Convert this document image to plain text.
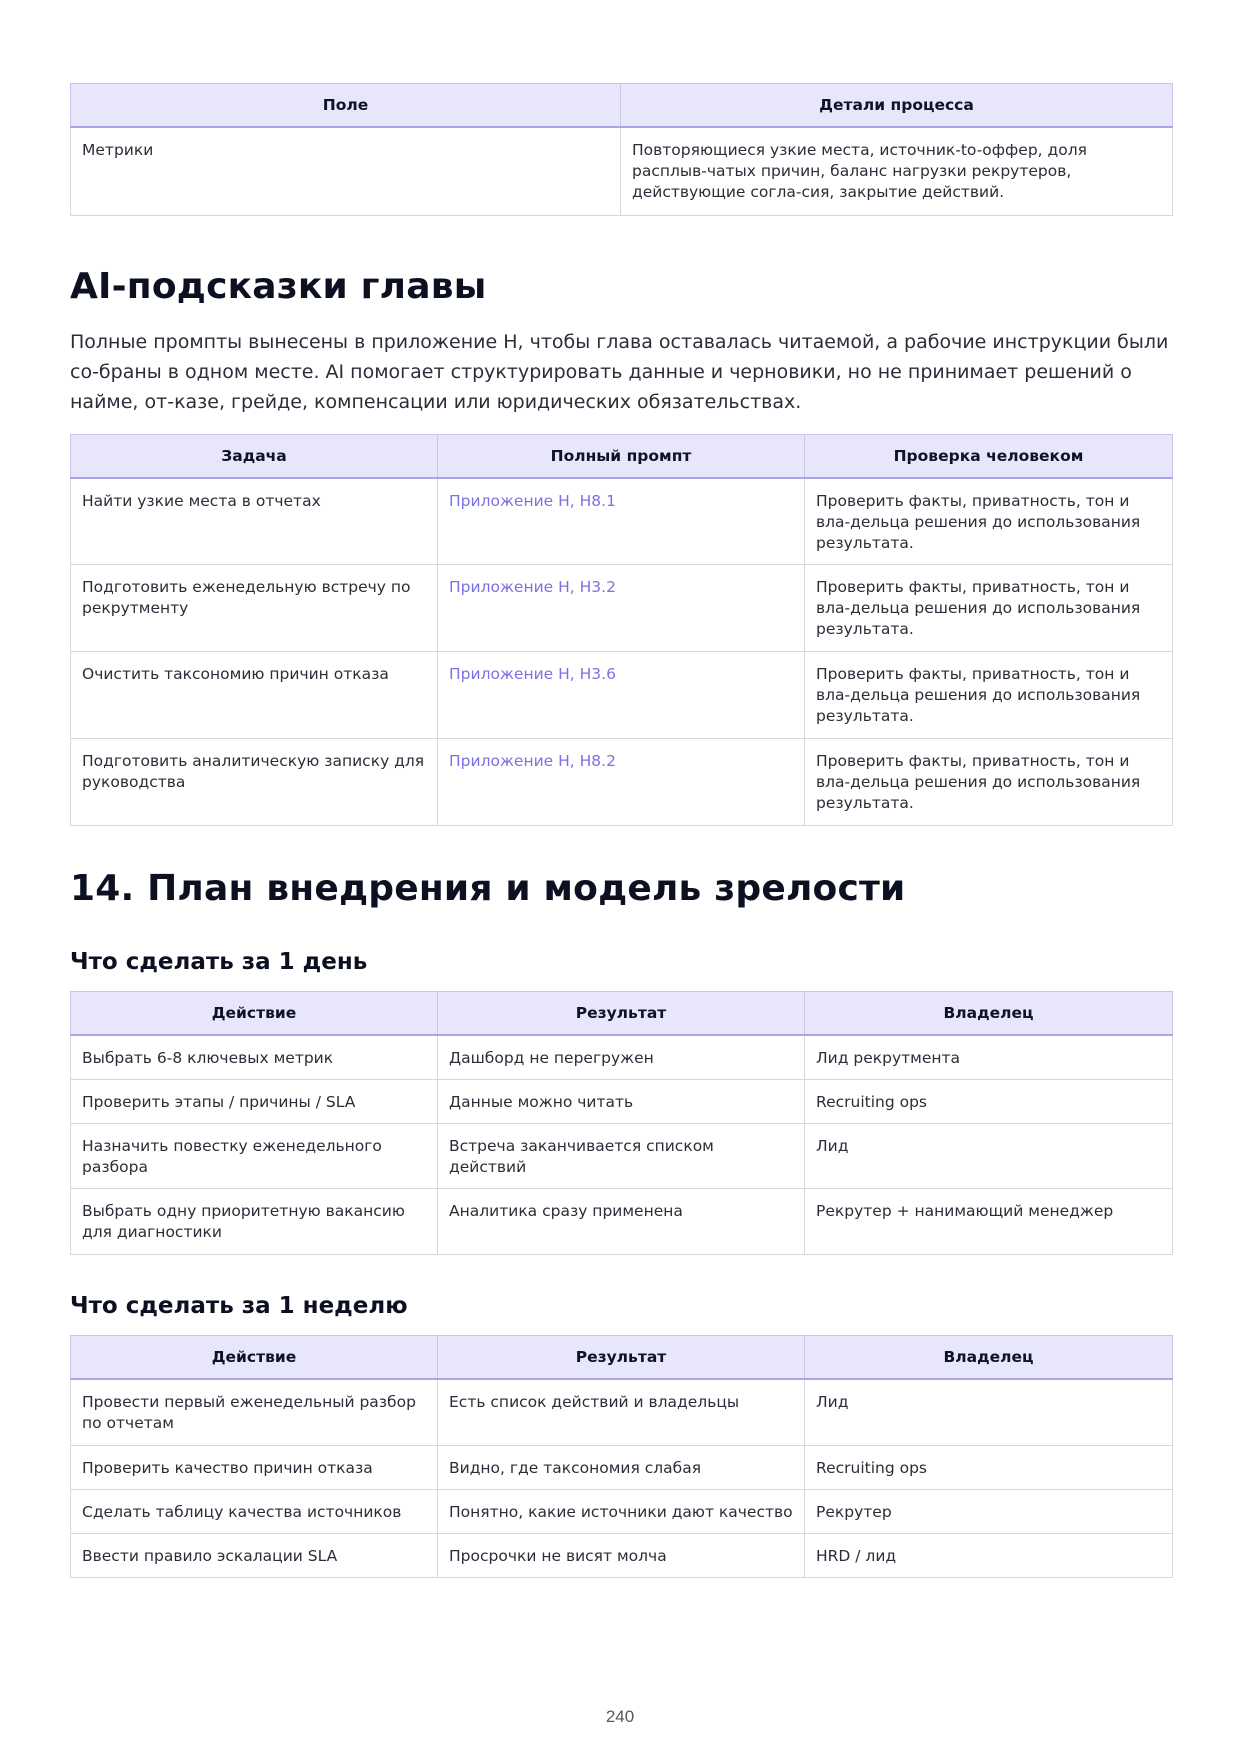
Поле	Детали процесса
Метрики	Повторяющиеся узкие места, источник-to-оффер, доля расплыв-чатых причин, баланс нагрузки рекрутеров, действующие согла-сия, закрытие действий.
AI-подсказки главы

Полные промпты вынесены в приложение H, чтобы глава оставалась читаемой, а рабочие инструкции были со-браны в одном месте. AI помогает структурировать данные и черновики, но не принимает решений о найме, от-казе, грейде, компенсации или юридических обязательствах.

Задача	Полный промпт	Проверка человеком
Найти узкие места в отчетах	Приложение H, H8.1	Проверить факты, приватность, тон и вла-дельца решения до использования результата.
Подготовить еженедельную встречу по рекрутменту	Приложение H, H3.2	Проверить факты, приватность, тон и вла-дельца решения до использования результата.
Очистить таксономию причин отказа	Приложение H, H3.6	Проверить факты, приватность, тон и вла-дельца решения до использования результата.
Подготовить аналитическую записку для руководства	Приложение H, H8.2	Проверить факты, приватность, тон и вла-дельца решения до использования результата.
14. План внедрения и модель зрелости
Что сделать за 1 день
Действие	Результат	Владелец
Выбрать 6-8 ключевых метрик	Дашборд не перегружен	Лид рекрутмента
Проверить этапы / причины / SLA	Данные можно читать	Recruiting ops
Назначить повестку еженедельного разбора	Встреча заканчивается списком действий	Лид
Выбрать одну приоритетную вакансию для диагностики	Аналитика сразу применена	Рекрутер + нанимающий менеджер
Что сделать за 1 неделю
Действие	Результат	Владелец
Провести первый еженедельный разбор по отчетам	Есть список действий и владельцы	Лид
Проверить качество причин отказа	Видно, где таксономия слабая	Recruiting ops
Сделать таблицу качества источников	Понятно, какие источники дают качество	Рекрутер
Ввести правило эскалации SLA	Просрочки не висят молча	HRD / лид
240
